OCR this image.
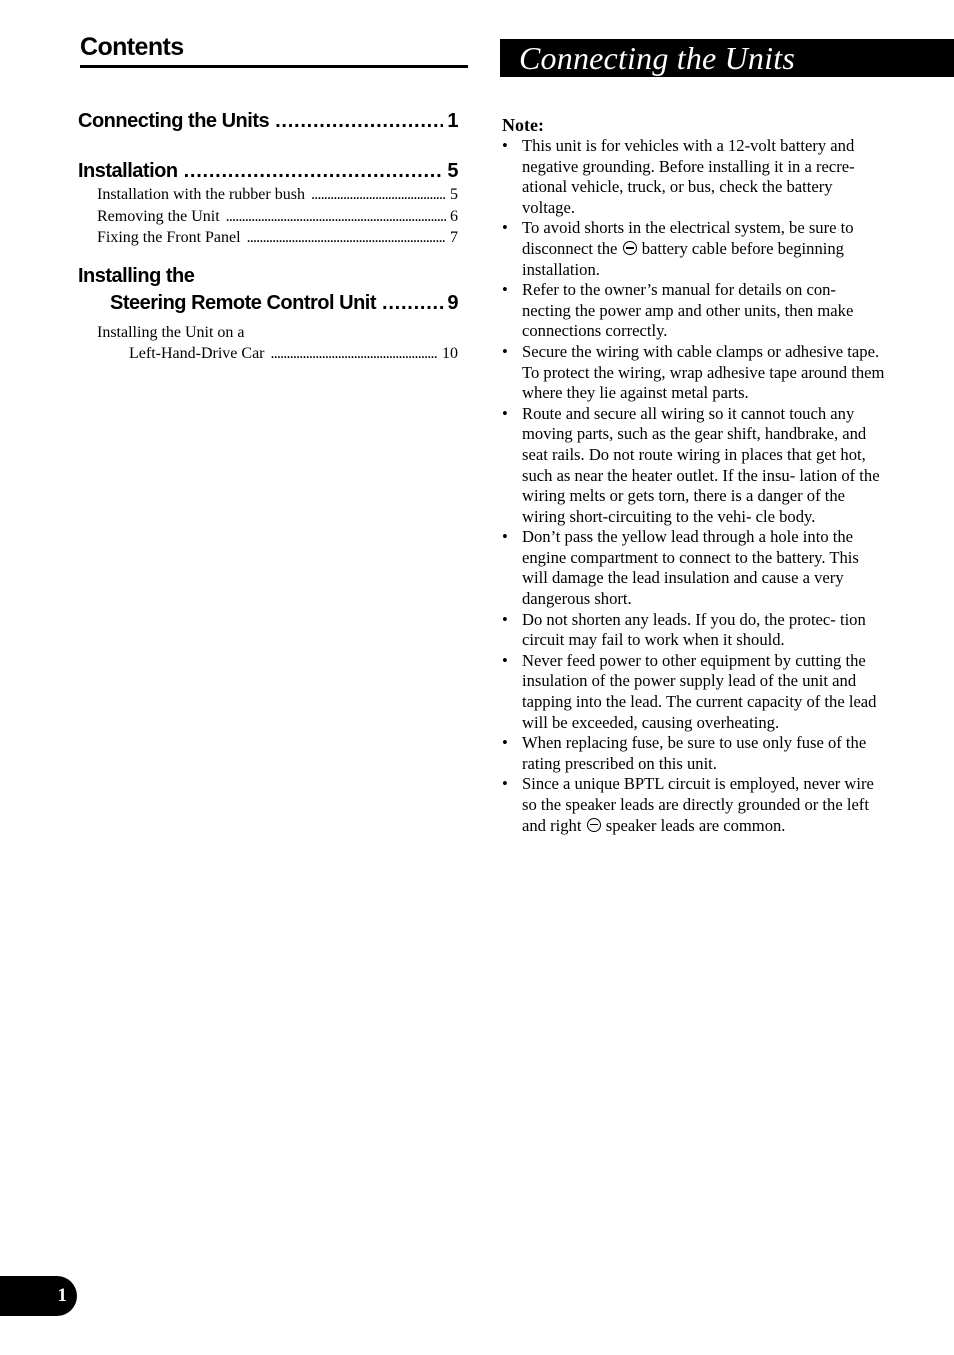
Contents
Connecting the Units . . .	1
Installation . . .	5
Installation with the rubber bush . . .	5
Removing the Unit . . .	6
Fixing the Front Panel . . .	7
Installing the
Steering Remote Control Unit . . .	9
Installing the Unit on a
Left-Hand-Drive Car . . .	10
Connecting the Units
Note:
• This unit is for vehicles with a 12-volt battery and negative grounding. Before installing it in a recre- ational vehicle, truck, or bus, check the battery voltage.
• To avoid shorts in the electrical system, be sure to disconnect the battery cable before beginning installation.
• Refer to the owner’s manual for details on con- necting the power amp and other units, then make connections correctly.
• Secure the wiring with cable clamps or adhesive tape. To protect the wiring, wrap adhesive tape around them where they lie against metal parts.
• Route and secure all wiring so it cannot touch any moving parts, such as the gear shift, handbrake, and seat rails. Do not route wiring in places that get hot, such as near the heater outlet. If the insu- lation of the wiring melts or gets torn, there is a danger of the wiring short-circuiting to the vehi- cle body.
• Don’t pass the yellow lead through a hole into the engine compartment to connect to the battery. This will damage the lead insulation and cause a very dangerous short.
• Do not shorten any leads. If you do, the protec- tion circuit may fail to work when it should.
• Never feed power to other equipment by cutting the insulation of the power supply lead of the unit and tapping into the lead. The current capacity of the lead will be exceeded, causing overheating.
• When replacing fuse, be sure to use only fuse of the rating prescribed on this unit.
• Since a unique BPTL circuit is employed, never wire so the speaker leads are directly grounded or the left and right speaker leads are common.
1
